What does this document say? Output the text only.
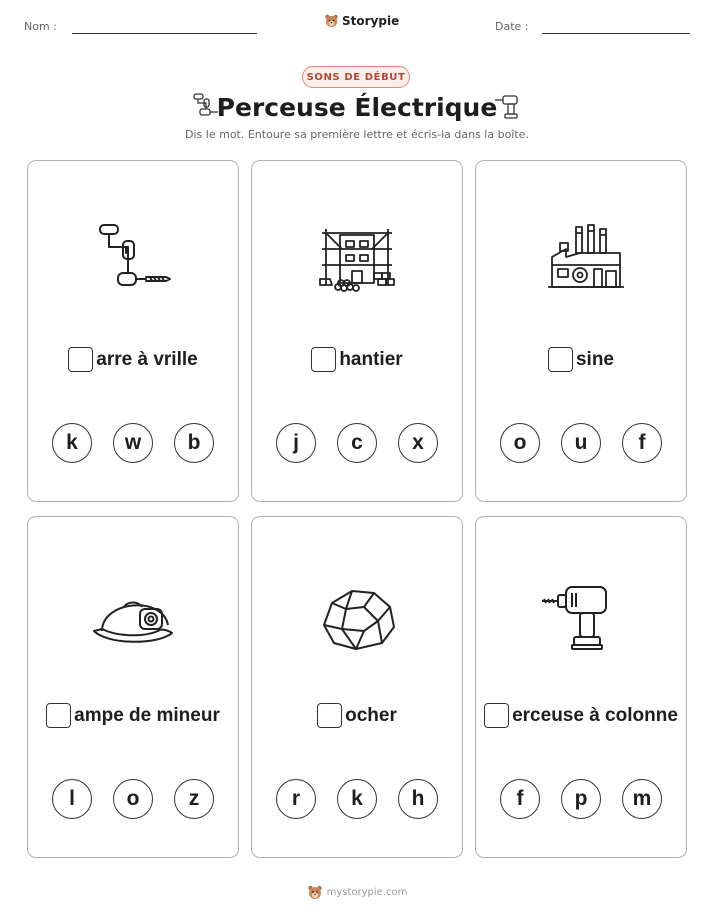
Nom :	Storypie	Date :
SONS DE DÉBUT
Perceuse Électrique
Dis le mot. Entoure sa première lettre et écris-la dans la boîte.
arre à vrille
k	w	b
hantier
j	c	x
sine
o	u	f
ampe de mineur
l	o	z
ocher
r	k	h
erceuse à colonne
f	p	m
mystorypie.com
